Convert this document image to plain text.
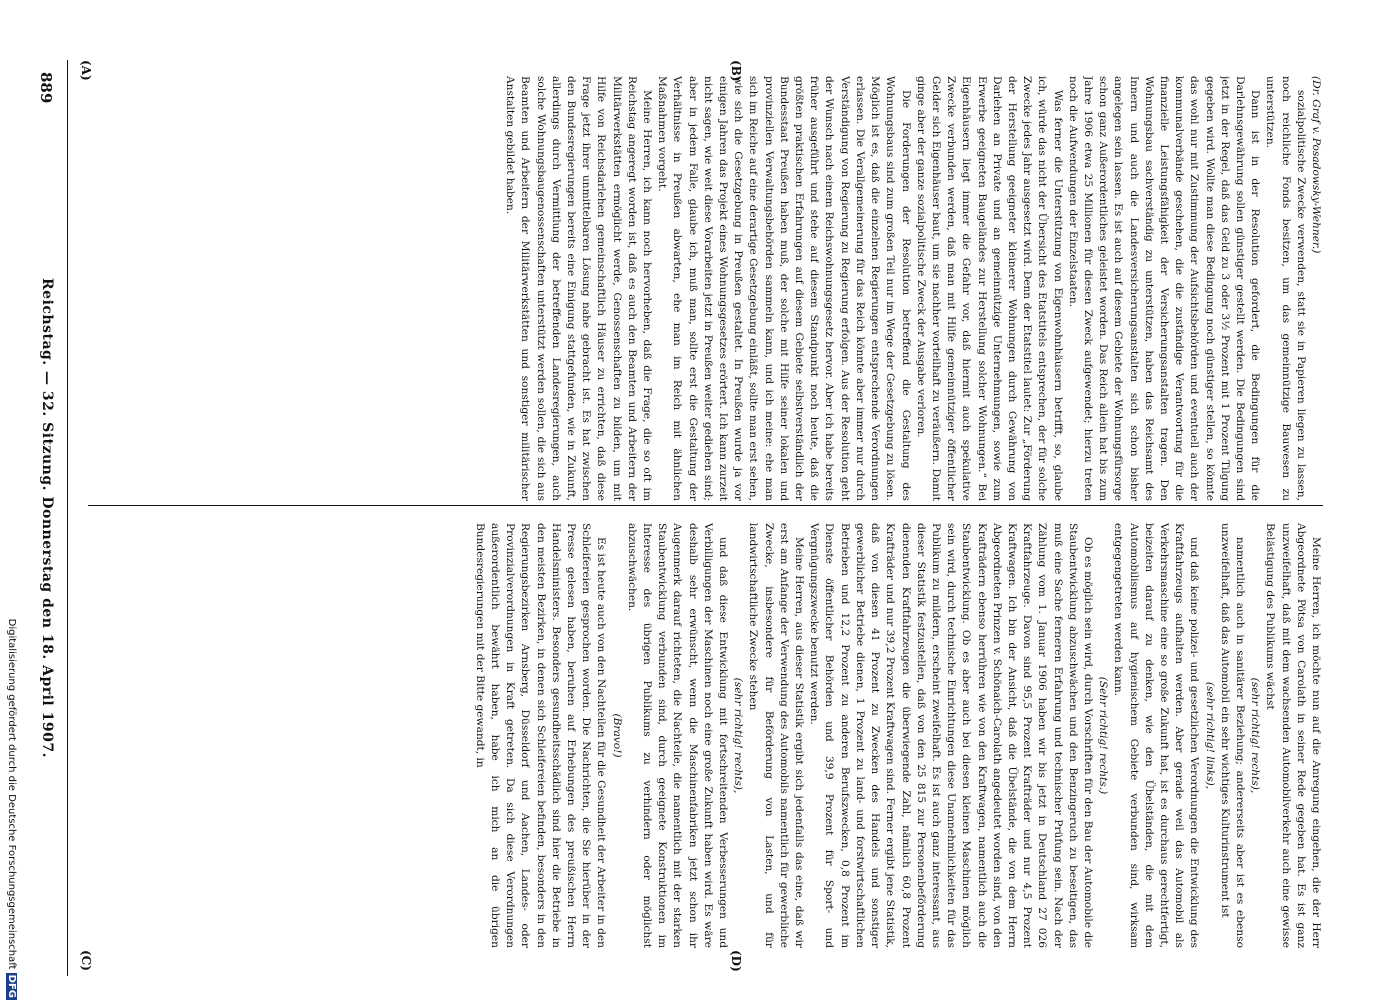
889
Reichstag. — 32. Sitzung. Donnerstag den 18. April 1907.
(A)	(B)
(C)	(D)

(Dr. Graf v. Posadowsky-Wehner.)

sozialpolitische Zwecke verwenden, statt sie in Papieren liegen zu lassen, noch reichliche Fonds besitzen, um das gemeinnützige Bauwesen zu unterstützen.

Dann ist in der Resolution gefordert, die Bedingungen für die Darlehnsgewährung sollen günstiger gestellt werden. Die Bedingungen sind jetzt in der Regel, daß das Geld zu 3 oder 3½ Prozent mit 1 Prozent Tilgung gegeben wird. Wollte man diese Bedingung noch günstiger stellen, so könnte das wohl nur mit Zustimmung der Aufsichtsbehörden und eventuell auch der kommunalverbände geschehen, die die zuständige Verantwortung für die finanzielle Leistungsfähigkeit der Versicherungsanstalten tragen. Den Wohnungsbau sachverständig zu unterstützen, haben das Reichsamt des Innern und auch die Landesversicherungsanstalten sich schon bisher angelegen sein lassen. Es ist auch auf diesem Gebiete der Wohnungsfürsorge schon ganz Außerordentliches geleistet worden. Das Reich allein hat bis zum Jahre 1906 etwa 25 Millionen für diesen Zweck aufgewendet; hierzu treten noch die Aufwendungen der Einzelstaaten.

Was ferner die Unterstützung von Eigenwohnhäusern betrifft, so, glaube ich, würde das nicht der Übersicht des Etatstitels entsprechen, der für solche Zwecke jedes Jahr ausgesetzt wird. Denn der Etatstitel lautet: Zur „Förderung der Herstellung geeigneter kleinerer Wohnungen durch Gewährung von Darlehen an Private und an gemeinnützige Unternehmungen, sowie zum Erwerbe geeigneten Baugeländes zur Herstellung solcher Wohnungen.“ Bei Eigenhäusern liegt immer die Gefahr vor, daß hiermit auch spekulative Zwecke verbunden werden, daß man mit Hilfe gemeinnütziger öffentlicher Gelder sich Eigenhäuser baut, um sie nachher vorteilhaft zu veräußern. Damit ginge aber der ganze sozialpolitische Zweck der Ausgabe verloren.

Die Forderungen der Resolution betreffend die Gestaltung des Wohnungsbaus sind zum großen Teil nur im Wege der Gesetzgebung zu lösen. Möglich ist es, daß die einzelnen Regierungen entsprechende Verordnungen erlassen. Die Verallgemeinerung für das Reich könnte aber immer nur durch Verständigung von Regierung zu Regierung erfolgen. Aus der Resolution geht der Wunsch nach einem Reichswohnungsgesetz hervor. Aber ich habe bereits früher ausgeführt und stehe auf diesem Standpunkt noch heute, daß die größten praktischen Erfahrungen auf diesem Gebiete selbstverständlich der Bundesstaat Preußen haben muß, der solche mit Hilfe seiner lokalen und provinziellen Verwaltungsbehörden sammeln kann, und ich meine: ehe man sich im Reiche auf eine derartige Gesetzgebung einläßt, sollte man erst sehen, wie sich die Gesetzgebung in Preußen gestaltet. In Preußen wurde ja vor einigen Jahren das Projekt eines Wohnungsgesetzes erörtert. Ich kann zurzeit nicht sagen, wie weit diese Vorarbeiten jetzt in Preußen weiter gediehen sind; aber in jedem Falle, glaube ich, muß man, sollte erst die Gestaltung der Verhältnisse in Preußen abwarten, ehe man im Reich mit ähnlichen Maßnahmen vorgeht.

Meine Herren, ich kann noch hervorheben, daß die Frage, die so oft im Reichstag angeregt worden ist, daß es auch den Beamten und Arbeitern der Militärwerkstätten ermöglicht werde, Genossenschaften zu bilden, um mit Hilfe von Reichsdarlehen gemeinschaftlich Häuser zu errichten, daß diese Frage jetzt ihrer unmittelbaren Lösung nahe gebracht ist. Es hat zwischen den Bundesregierungen bereits eine Einigung stattgefunden, wie in Zukunft, allerdings durch Vermittlung der betreffenden Landesregierungen, auch solche Wohnungsbaugenossenschaften unterstützt werden sollen, die sich aus Beamten und Arbeitern der Militärwerkstätten und sonstiger militärischer Anstalten gebildet haben.

Meine Herren, ich möchte nun auf die Anregung eingehen, die der Herr Abgeordnete Pötsa von Carolath in seiner Rede gegeben hat. Es ist ganz unzweifelhaft, daß mit dem wachsenden Automobilverkehr auch eine gewisse Belästigung des Publikums wächst

(sehr richtig! rechts),

namentlich auch in sanitärer Beziehung; andererseits aber ist es ebenso unzweifelhaft, daß das Automobil ein sehr wichtiges Kulturinstrument ist

(sehr richtig! links),

und daß keine polizei- und gesetzlichen Verordnungen die Entwicklung des Kraftfahrzeugs aufhalten werden. Aber gerade weil das Automobil als Verkehrsmaschine eine so große Zukunft hat, ist es durchaus gerechtfertigt, beizeiten darauf zu denken, wie den Übelständen, die mit dem Automobilismus auf hygienischem Gebiete verbunden sind, wirksam entgegengetreten werden kann.

(Sehr richtig! rechts.)

Ob es möglich sein wird, durch Vorschriften für den Bau der Automobile die Staubentwicklung abzuschwächen und den Benzingeruch zu beseitigen, das muß eine Sache ferneren Erfahrung und technischer Prüfung sein. Nach der Zählung vom 1. Januar 1906 haben wir bis jetzt in Deutschland 27 026 Kraftfahrzeuge. Davon sind 95,5 Prozent Krafträder und nur 4,5 Prozent Kraftwagen. Ich bin der Ansicht, daß die Übelstände, die von dem Herrn Abgeordneten Prinzen v. Schönaich-Carolath angedeutet worden sind, von den Krafträdern ebenso herrühren wie von den Kraftwagen, namentlich auch die Staubentwicklung. Ob es aber auch bei diesen kleinen Maschinen möglich sein wird, durch technische Einrichtungen diese Unannehmlichkeiten für das Publikum zu mildern, erscheint zweifelhaft. Es ist auch ganz interessant, aus dieser Statistik festzustellen, daß von den 25 815 zur Personenbeförderung dienenden Kraftfahrzeugen die überwiegende Zahl, nämlich 60,8 Prozent Krafträder und nur 39,2 Prozent Kraftwagen sind. Ferner ergibt jene Statistik, daß von diesen 41 Prozent zu Zwecken des Handels und sonstiger gewerblicher Betriebe dienen, 1 Prozent zu land- und forstwirtschaftlichen Betrieben und 12,2 Prozent zu anderen Berufszwecken, 0,8 Prozent im Dienste öffentlicher Behörden und 39,9 Prozent für Sport- und Vergnügungszwecke benutzt werden.

Meine Herren, aus dieser Statistik ergibt sich jedenfalls das eine, daß wir erst am Anfange der Verwendung des Automobils namentlich für gewerbliche Zwecke, insbesondere für Beförderung von Lasten, und für landwirtschaftliche Zwecke stehen

(sehr richtig! rechts),

und daß diese Entwicklung mit fortschreitenden Verbesserungen und Verbilligungen der Maschinen noch eine große Zukunft haben wird. Es wäre deshalb sehr erwünscht, wenn die Maschinenfabriken jetzt schon ihr Augenmerk darauf richteten, die Nachteile, die namentlich mit der starken Staubentwicklung verbunden sind, durch geeignete Konstruktionen im Interesse des übrigen Publikums zu verhindern oder möglichst abzuschwächen.

(Bravo!)

Es ist heute auch von den Nachteilen für die Gesundheit der Arbeiter in den Schleifereien gesprochen worden. Die Nachrichten, die Sie hierüber in der Presse gelesen haben, beruhen auf Erhebungen des preußischen Herrn Handelsministers. Besonders gesundheitsschädlich sind hier die Betriebe in den meisten Bezirken, in denen sich Schleifereien befinden, besonders in den Regierungsbezirken Arnsberg, Düsseldorf und Aachen, Landes- oder Provinzialverordnungen in Kraft getreten. Da sich diese Verordnungen außerordentlich bewährt haben, habe ich mich an die übrigen Bundesregierungen mit der Bitte gewandt, in

Digitalisierung gefördert durch die Deutsche Forschungsgemeinschaft DFG
